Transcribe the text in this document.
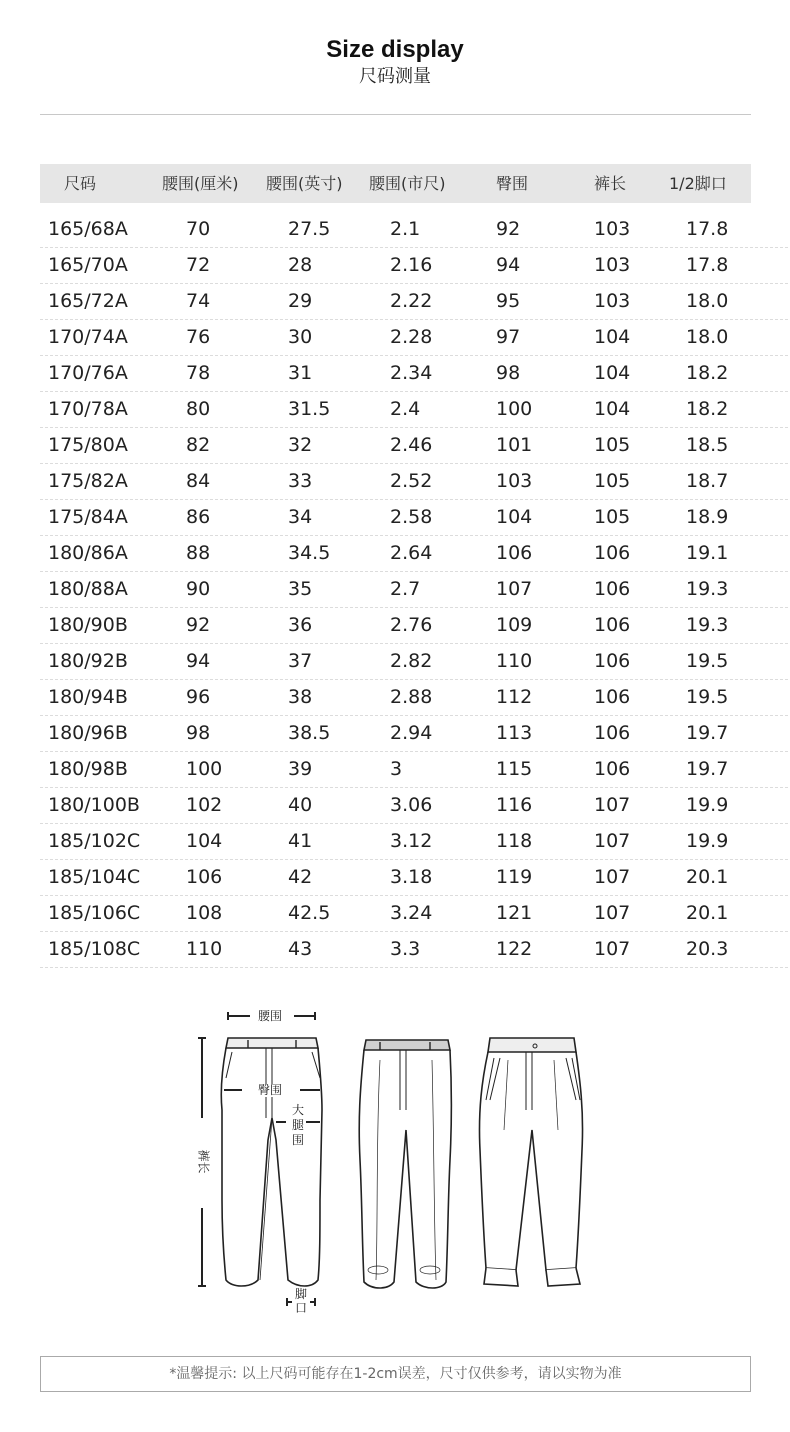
Size display
尺码测量
尺码	腰围(厘米) 腰围(英寸) 腰围(市尺)	臀围	裤长	1/2脚口
165/68A	70	27.5	2.1	92	103	17.8
165/70A	72	28	2.16	94	103	17.8
165/72A	74	29	2.22	95	103	18.0
170/74A	76	30	2.28	97	104	18.0
170/76A	78	31	2.34	98	104	18.2
170/78A	80	31.5	2.4	100	104	18.2
175/80A	82	32	2.46	101	105	18.5
175/82A	84	33	2.52	103	105	18.7
175/84A	86	34	2.58	104	105	18.9
180/86A	88	34.5	2.64	106	106	19.1
180/88A	90	35	2.7	107	106	19.3
180/90B	92	36	2.76	109	106	19.3
180/92B	94	37	2.82	110	106	19.5
180/94B	96	38	2.88	112	106	19.5
180/96B	98	38.5	2.94	113	106	19.7
180/98B	100	39	3	115	106	19.7
180/100B 102	40	3.06	116	107	19.9
185/102C 104	41	3.12	118	107	19.9
185/104C 106	42	3.18	119	107	20.1
185/106C 108	42.5	3.24	121	107	20.1
185/108C 110	43	3.3	122	107	20.3
腰围
臀围
大
腿
围
裤长
脚
口
*温馨提示: 以上尺码可能存在1-2cm误差，尺寸仅供参考，请以实物为准
